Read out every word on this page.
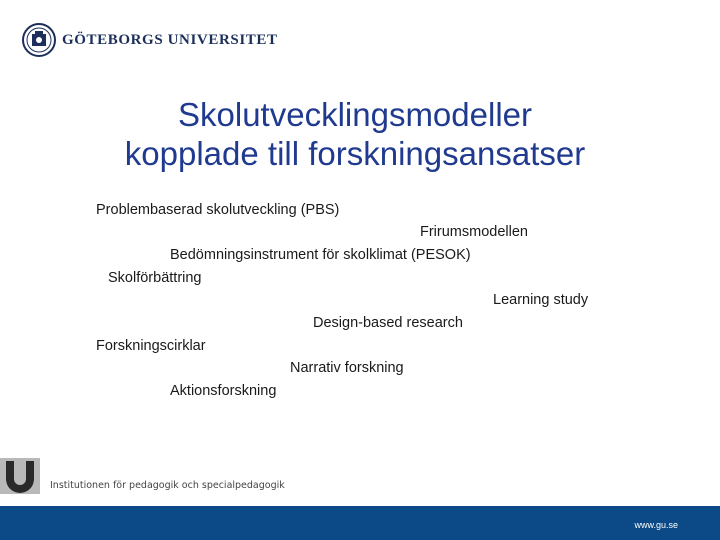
GÖTEBORGS UNIVERSITET
Skolutvecklingsmodeller
kopplade till forskningsansatser
Problembaserad skolutveckling (PBS)
Frirumsmodellen
Bedömningsinstrument för skolklimat (PESOK)
Skolförbättring
Learning study
Design-based research
Forskningscirklar
Narrativ forskning
Aktionsforskning
Institutionen för pedagogik och specialpedagogik
www.gu.se
